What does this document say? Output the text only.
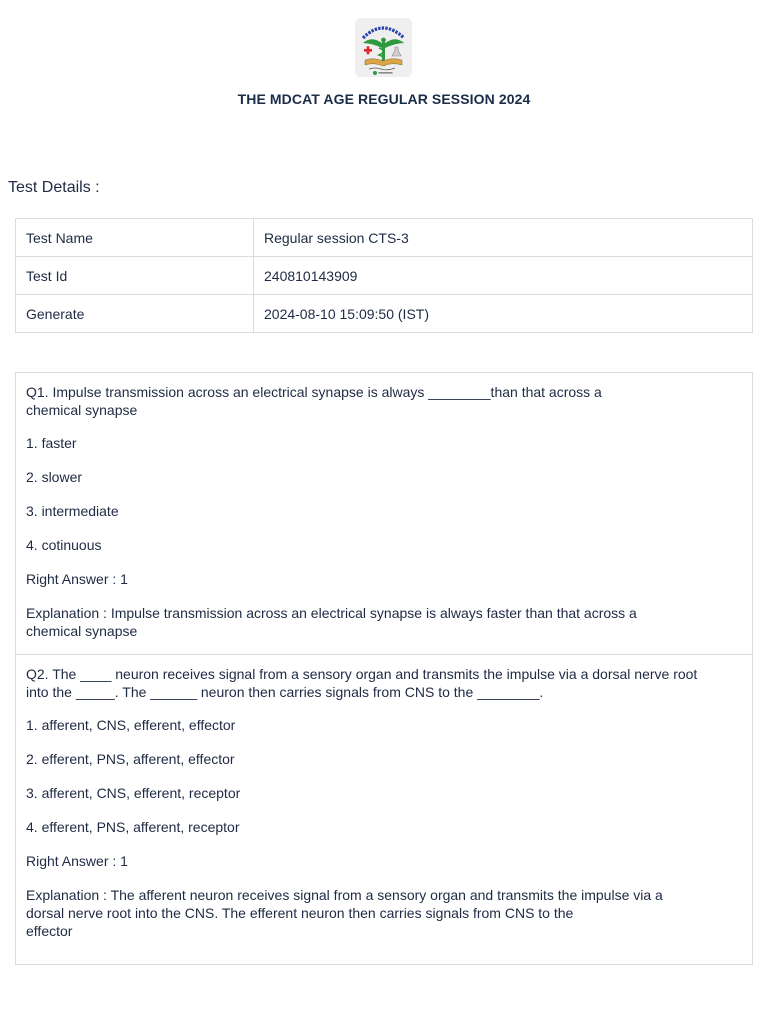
THE MDCAT AGE REGULAR SESSION 2024
Test Details :
Test Name	Regular session CTS-3
Test Id	240810143909
Generate	2024-08-10 15:09:50 (IST)
Q1. Impulse transmission across an electrical synapse is always ________than that across a
chemical synapse
1. faster
2. slower
3. intermediate
4. cotinuous
Right Answer : 1
Explanation : Impulse transmission across an electrical synapse is always faster than that across a
chemical synapse
Q2. The ____ neuron receives signal from a sensory organ and transmits the impulse via a dorsal nerve root
into the _____. The ______ neuron then carries signals from CNS to the ________.
1. afferent, CNS, efferent, effector
2. efferent, PNS, afferent, effector
3. afferent, CNS, efferent, receptor
4. efferent, PNS, afferent, receptor
Right Answer : 1
Explanation : The afferent neuron receives signal from a sensory organ and transmits the impulse via a
dorsal nerve root into the CNS. The efferent neuron then carries signals from CNS to the
effector
